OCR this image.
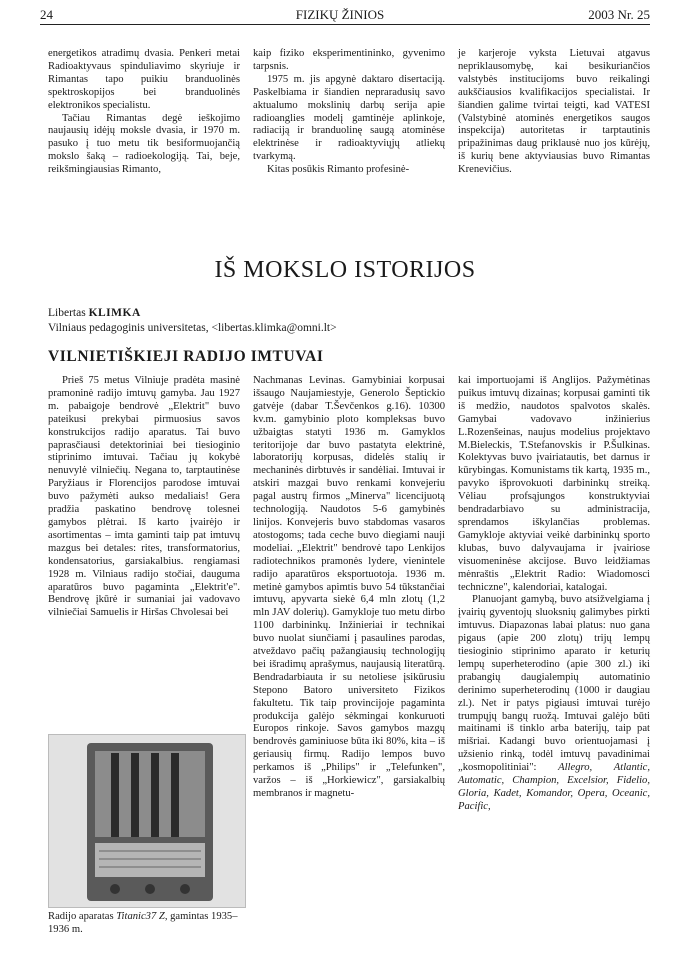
24	FIZIKŲ ŽINIOS	2003 Nr. 25

energetikos atradimų dvasia. Penkeri metai Radioaktyvaus spinduliavimo skyriuje ir Rimantas tapo puikiu branduolinės spektroskopijos bei branduolinės elektronikos specialistu.

Tačiau Rimantas degė ieškojimo naujausių idėjų moksle dvasia, ir 1970 m. pasuko į tuo metu tik besiformuojančią mokslo šaką – radioekologiją. Tai, beje, reikšmingiausias Rimanto,

kaip fiziko eksperimentininko, gyvenimo tarpsnis.

1975 m. jis apgynė daktaro disertaciją. Paskelbiama ir šiandien nepraradusių savo aktualumo mokslinių darbų serija apie radioanglies modelį gamtinėje aplinkoje, radiaciją ir branduolinę saugą atominėse elektrinėse ir radioaktyviųjų atliekų tvarkymą.

Kitas posūkis Rimanto profesinė-

je karjeroje vyksta Lietuvai atgavus nepriklausomybę, kai besikuriančios valstybės institucijoms buvo reikalingi aukščiausios kvalifikacijos specialistai. Ir šiandien galime tvirtai teigti, kad VATESI (Valstybinė atominės energetikos saugos inspekcija) autoritetas ir tarptautinis pripažinimas daug priklausė nuo jos kūrėjų, iš kurių bene aktyviausias buvo Rimantas Krenevičius.

IŠ MOKSLO ISTORIJOS
Libertas KLIMKA
Vilniaus pedagoginis universitetas, <libertas.klimka@omni.lt>
VILNIETIŠKIEJI RADIJO IMTUVAI

Prieš 75 metus Vilniuje pradėta masinė pramoninė radijo imtuvų gamyba. Jau 1927 m. pabaigoje bendrovė „Elektrit" buvo pateikusi prekybai pirmuosius savos konstrukcijos radijo aparatus. Tai buvo paprasčiausi detektoriniai bei tiesioginio stiprinimo imtuvai. Tačiau jų kokybė nenuvylė vilniečių. Negana to, tarptautinėse Paryžiaus ir Florencijos parodose imtuvai buvo pažymėti aukso medaliais! Gera pradžia paskatino bendrovę tolesnei gamybos plėtrai. Iš karto įvairėjo ir asortimentas – imta gaminti taip pat imtuvų mazgus bei detales: rites, transformatorius, kondensatorius, garsiakalbius. rengiamasi 1928 m. Vilniaus radijo stočiai, dauguma aparatūros buvo pagaminta „Elektrit'e". Bendrovę įkūrė ir sumaniai jai vadovavo vilniečiai Samuelis ir Hiršas Chvolesai bei

Nachmanas Levinas. Gamybiniai korpusai išsaugo Naujamiestyje, Generolo Šeptickio gatvėje (dabar T.Ševčenkos g.16). 10300 kv.m. gamybinio ploto kompleksas buvo užbaigtas statyti 1936 m. Gamyklos teritorijoje dar buvo pastatyta elektrinė, laboratorijų korpusas, didelės stalių ir mechaninės dirbtuvės ir sandėliai. Imtuvai ir atskiri mazgai buvo renkami konvejeriu pagal austrų firmos „Minerva" licencijuotą technologiją. Naudotos 5-6 gamybinės linijos. Konvejeris buvo stabdomas vasaros atostogoms; tada ceche buvo diegiami nauji modeliai. „Elektrit" bendrovė tapo Lenkijos radiotechnikos pramonės lydere, vienintele radijo aparatūros eksportuotoja. 1936 m. metinė gamybos apimtis buvo 54 tūkstančiai imtuvų, apyvarta siekė 6,4 mln zlotų (1,2 mln JAV dolerių). Gamykloje tuo metu dirbo 1100 darbininkų. Inžinieriai ir technikai buvo nuolat siunčiami į pasaulines parodas, atveždavo pačių pažangiausių technologijų bei išradimų aprašymus, naujausią literatūrą. Bendradarbiauta ir su netoliese įsikūrusiu Stepono Batoro universiteto Fizikos fakultetu. Tik taip provincijoje pagaminta produkcija galėjo sėkmingai konkuruoti Europos rinkoje. Savos gamybos mazgų bendrovės gaminiuose būta iki 80%, kita – iš geriausių firmų. Radijo lempos buvo perkamos iš „Philips" ir „Telefunken", varžos – iš „Horkiewicz", garsiakalbių membranos ir magnetu-

kai importuojami iš Anglijos. Pažymėtinas puikus imtuvų dizainas; korpusai gaminti tik iš medžio, naudotos spalvotos skalės. Gamybai vadovavo inžinierius L.Rozenšeinas, naujus modelius projektavo M.Bieleckis, T.Stefanovskis ir P.Šulkinas. Kolektyvas buvo įvairiatautis, bet darnus ir kūrybingas. Komunistams tik kartą, 1935 m., pavyko išprovokuoti darbininkų streiką. Vėliau profsąjungos konstruktyviai bendradarbiavo su administracija, sprendamos iškylančias problemas. Gamykloje aktyviai veikė darbininkų sporto klubas, buvo dalyvaujama ir įvairiose visuomeninėse akcijose. Buvo leidžiamas mėnraštis „Elektrit Radio: Wiadomosci techniczne", kalendoriai, katalogai.

Planuojant gamybą, buvo atsižvelgiama į įvairių gyventojų sluoksnių galimybes pirkti imtuvus. Diapazonas labai platus: nuo gana pigaus (apie 200 zlotų) trijų lempų tiesioginio stiprinimo aparato ir keturių lempų superheterodino (apie 300 zl.) iki prabangių daugialempių automatinio derinimo superheterodinų (1000 ir daugiau zl.). Net ir patys pigiausi imtuvai turėjo trumpųjų bangų ruožą. Imtuvai galėjo būti maitinami iš tinklo arba baterijų, taip pat mišriai. Kadangi buvo orientuojamasi į užsienio rinką, todėl imtuvų pavadinimai „kosmopolitiniai": Allegro, Atlantic, Automatic, Champion, Excelsior, Fidelio, Gloria, Kadet, Komandor, Opera, Oceanic, Pacific,

Radijo aparatas Titanic37 Z, gamintas 1935–1936 m.
